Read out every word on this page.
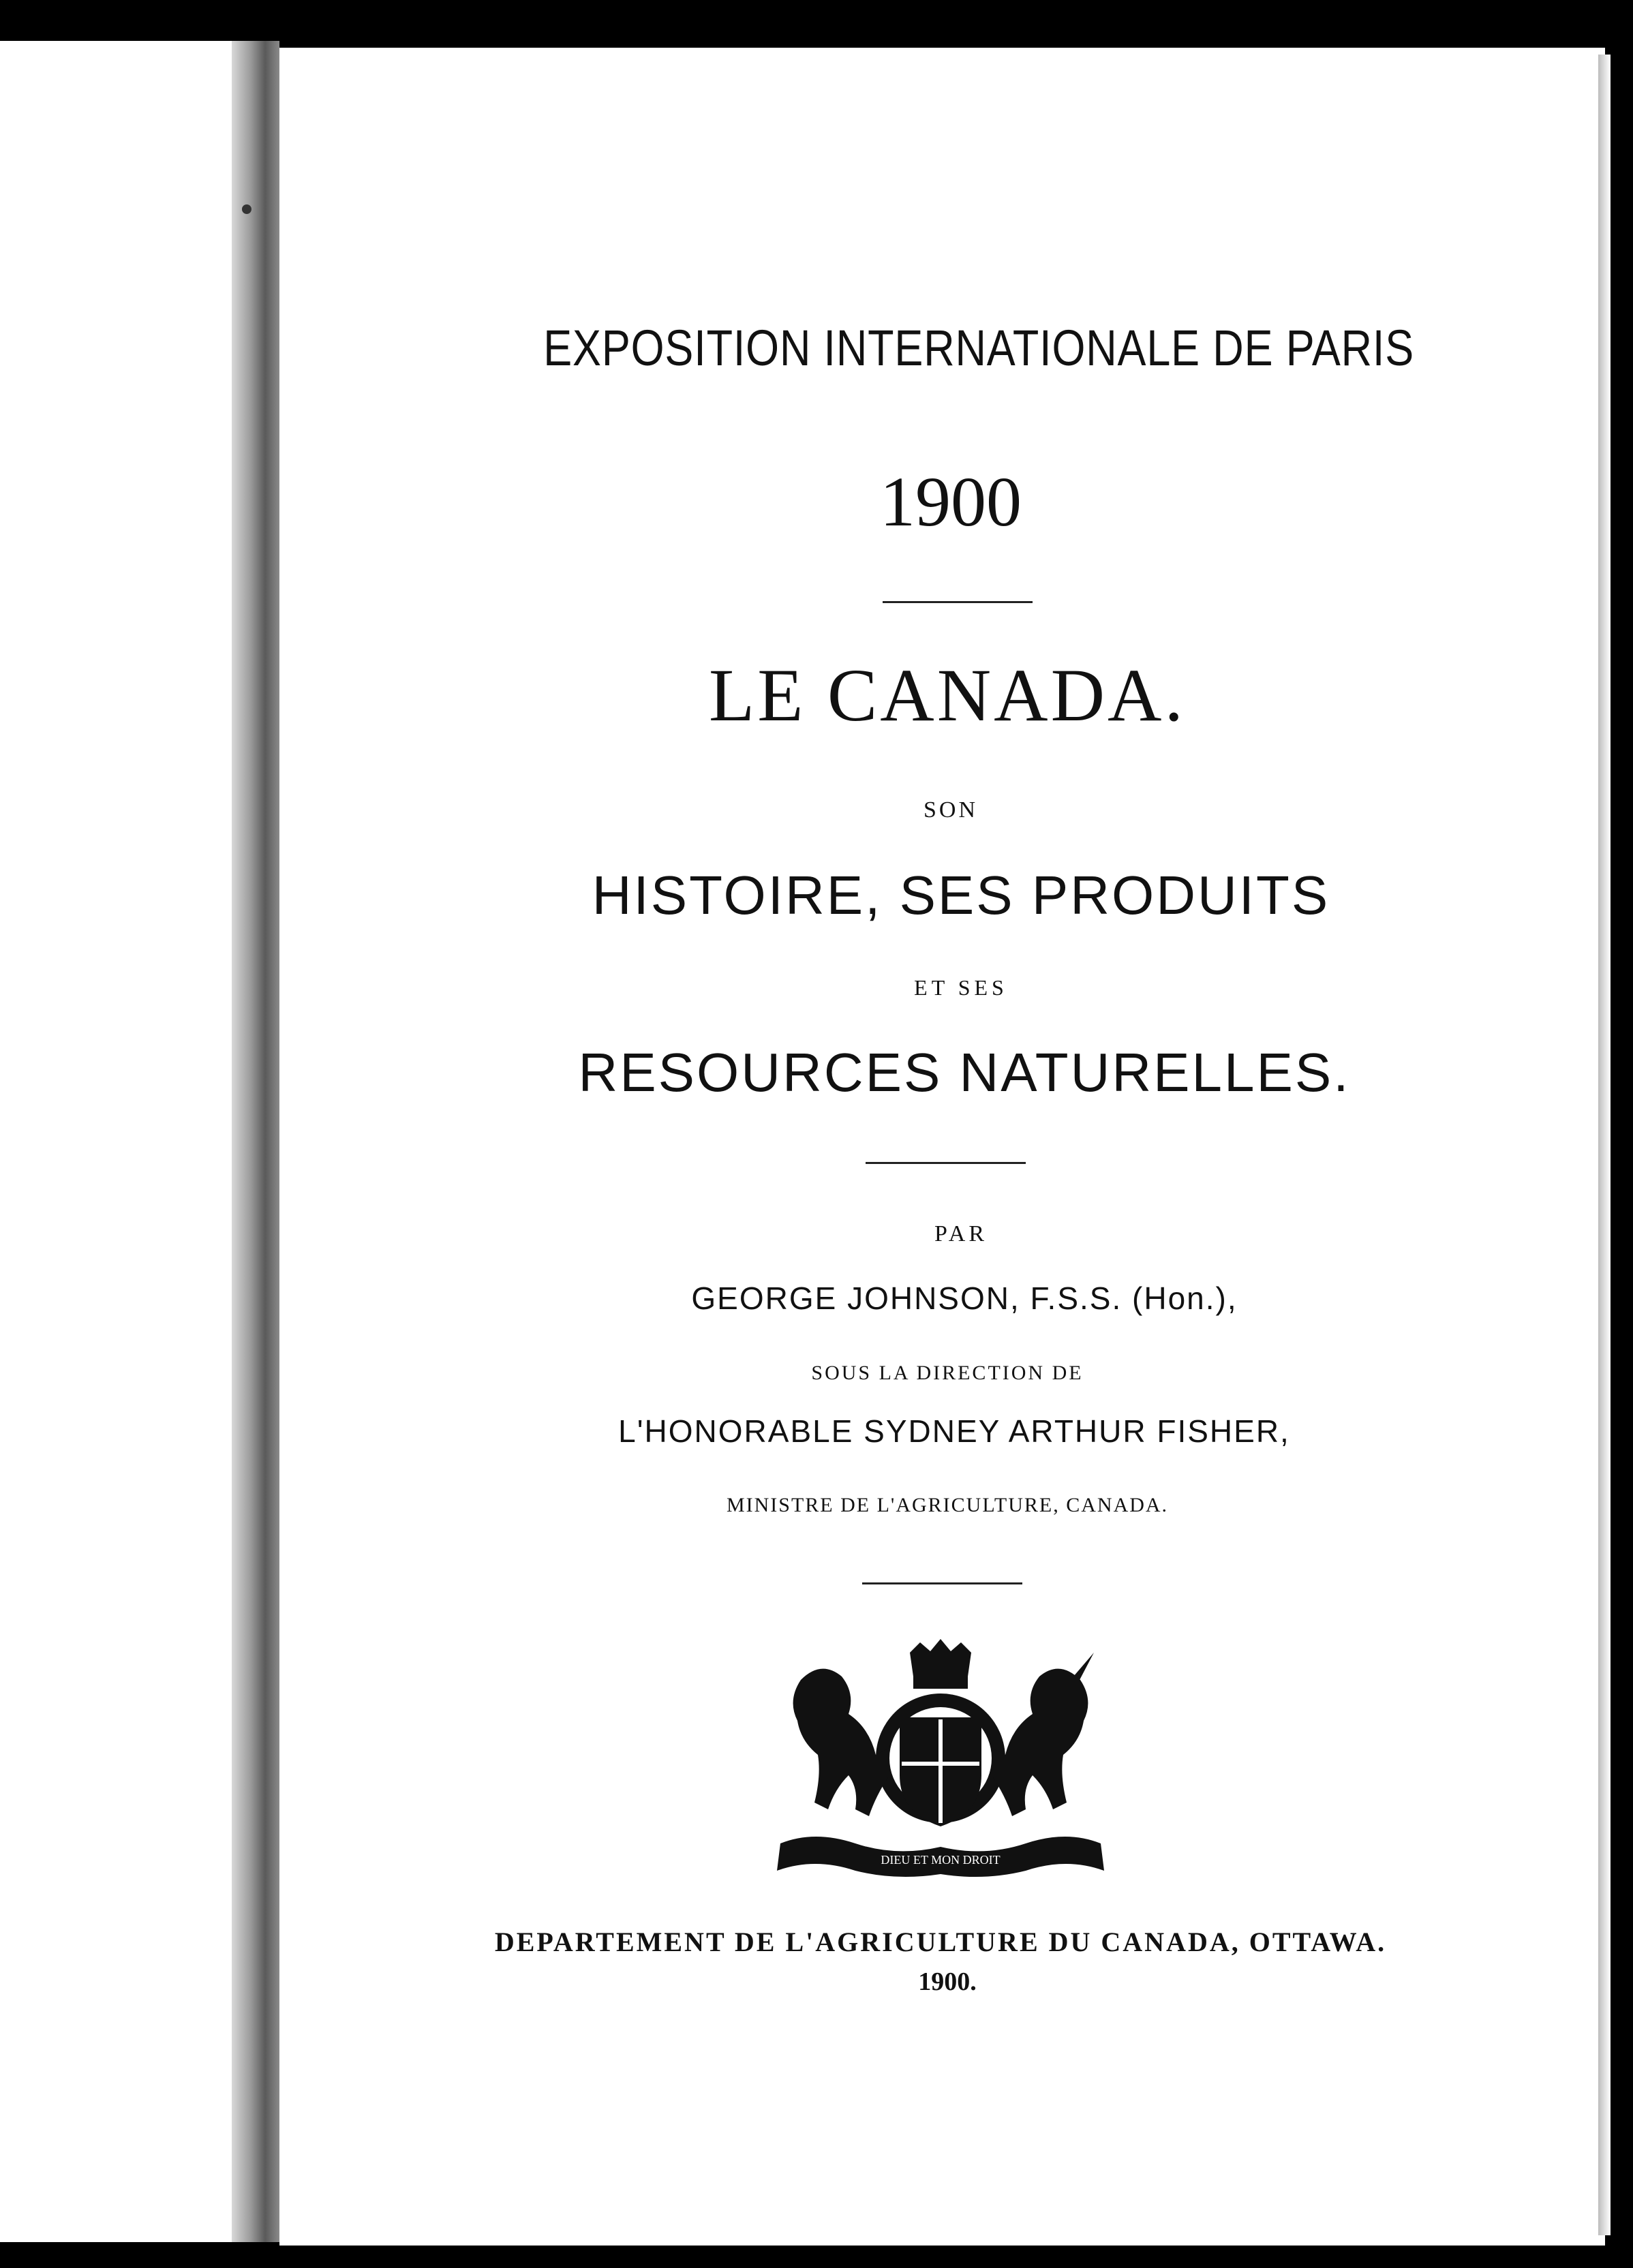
EXPOSITION INTERNATIONALE DE PARIS
1900
LE CANADA.
SON
HISTOIRE, SES PRODUITS
ET SES
RESOURCES NATURELLES.
PAR
GEORGE JOHNSON, F.S.S. (Hon.),
SOUS LA DIRECTION DE
L'HONORABLE SYDNEY ARTHUR FISHER,
MINISTRE DE L'AGRICULTURE, CANADA.
DIEU ET MON DROIT
DEPARTEMENT DE L'AGRICULTURE DU CANADA, OTTAWA.
1900.
